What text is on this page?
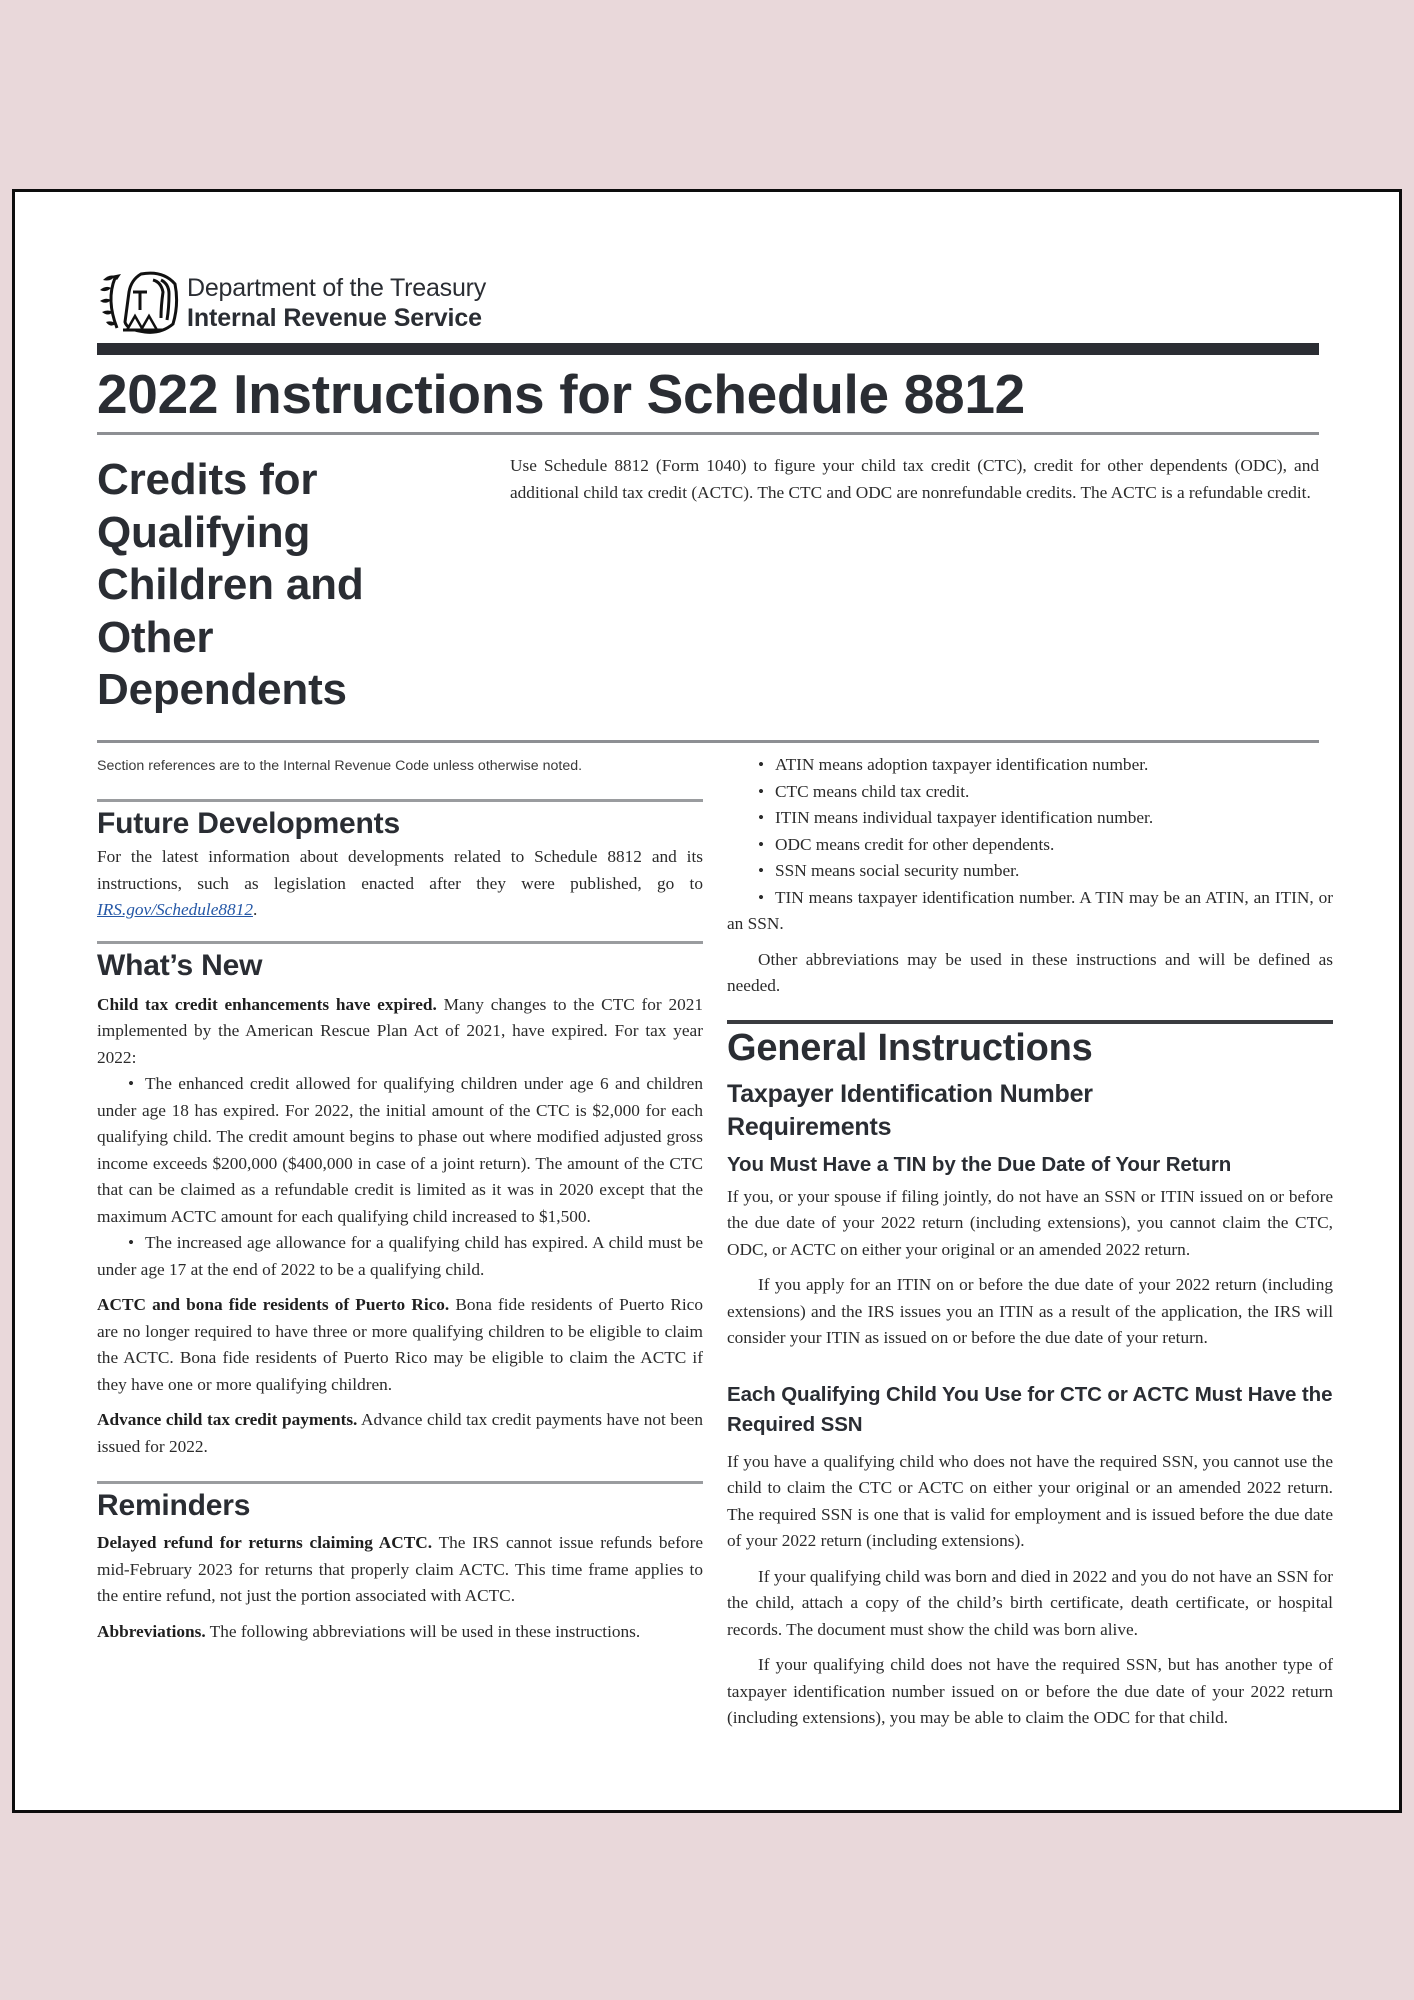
Department of the Treasury
Internal Revenue Service
2022 Instructions for Schedule 8812
Credits for
Qualifying
Children and
Other
Dependents

Use Schedule 8812 (Form 1040) to figure your child tax credit (CTC), credit for other dependents (ODC), and additional child tax credit (ACTC). The CTC and ODC are nonrefundable credits. The ACTC is a refundable credit.

Section references are to the Internal Revenue Code unless otherwise noted.

Future Developments

For the latest information about developments related to Schedule 8812 and its instructions, such as legislation enacted after they were published, go to IRS.gov/Schedule8812.

What’s New

Child tax credit enhancements have expired. Many changes to the CTC for 2021 implemented by the American Rescue Plan Act of 2021, have expired. For tax year 2022:

• The enhanced credit allowed for qualifying children under age 6 and children under age 18 has expired. For 2022, the initial amount of the CTC is $2,000 for each qualifying child. The credit amount begins to phase out where modified adjusted gross income exceeds $200,000 ($400,000 in case of a joint return). The amount of the CTC that can be claimed as a refundable credit is limited as it was in 2020 except that the maximum ACTC amount for each qualifying child increased to $1,500.

• The increased age allowance for a qualifying child has expired. A child must be under age 17 at the end of 2022 to be a qualifying child.

ACTC and bona fide residents of Puerto Rico. Bona fide residents of Puerto Rico are no longer required to have three or more qualifying children to be eligible to claim the ACTC. Bona fide residents of Puerto Rico may be eligible to claim the ACTC if they have one or more qualifying children.

Advance child tax credit payments. Advance child tax credit payments have not been issued for 2022.

Reminders

Delayed refund for returns claiming ACTC. The IRS cannot issue refunds before mid-February 2023 for returns that properly claim ACTC. This time frame applies to the entire refund, not just the portion associated with ACTC.

Abbreviations. The following abbreviations will be used in these instructions.

• ATIN means adoption taxpayer identification number.

• CTC means child tax credit.

• ITIN means individual taxpayer identification number.

• ODC means credit for other dependents.

• SSN means social security number.

• TIN means taxpayer identification number. A TIN may be an ATIN, an ITIN, or an SSN.

Other abbreviations may be used in these instructions and will be defined as needed.

General Instructions
Taxpayer Identification Number Requirements
You Must Have a TIN by the Due Date of Your Return

If you, or your spouse if filing jointly, do not have an SSN or ITIN issued on or before the due date of your 2022 return (including extensions), you cannot claim the CTC, ODC, or ACTC on either your original or an amended 2022 return.

If you apply for an ITIN on or before the due date of your 2022 return (including extensions) and the IRS issues you an ITIN as a result of the application, the IRS will consider your ITIN as issued on or before the due date of your return.

Each Qualifying Child You Use for CTC or ACTC Must Have the Required SSN

If you have a qualifying child who does not have the required SSN, you cannot use the child to claim the CTC or ACTC on either your original or an amended 2022 return. The required SSN is one that is valid for employment and is issued before the due date of your 2022 return (including extensions).

If your qualifying child was born and died in 2022 and you do not have an SSN for the child, attach a copy of the child’s birth certificate, death certificate, or hospital records. The document must show the child was born alive.

If your qualifying child does not have the required SSN, but has another type of taxpayer identification number issued on or before the due date of your 2022 return (including extensions), you may be able to claim the ODC for that child.
